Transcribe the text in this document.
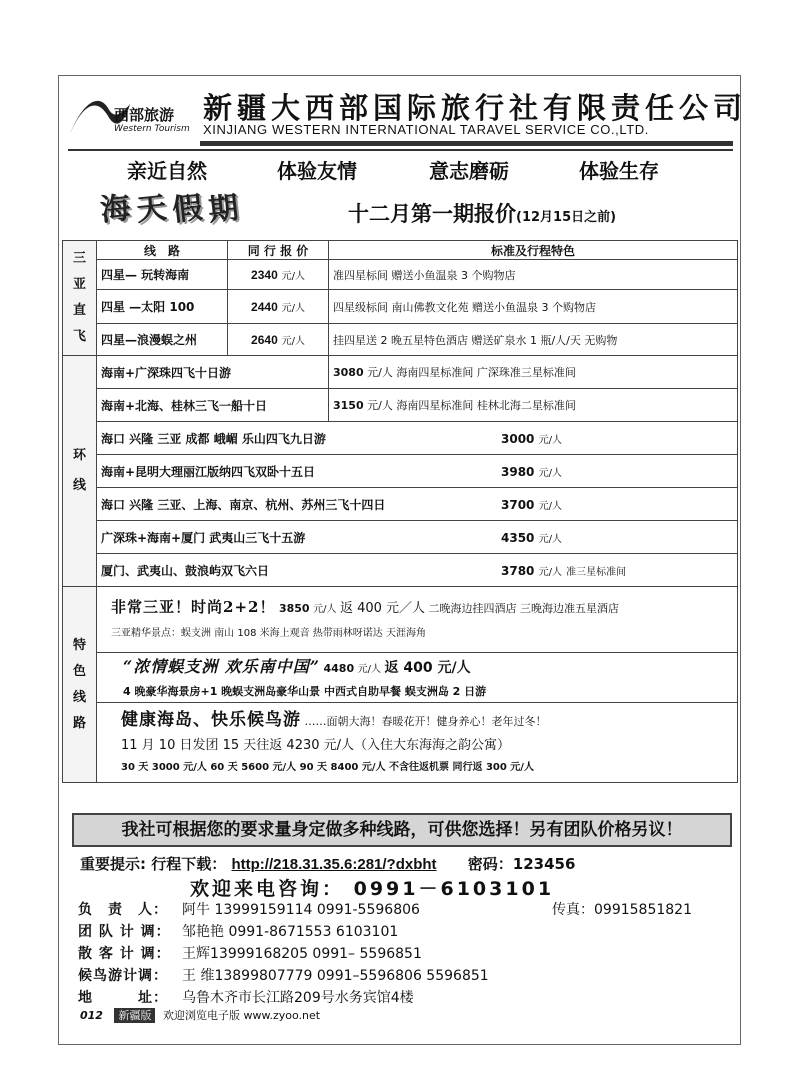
西部旅游
Western Tourism
新疆大西部国际旅行社有限责任公司
XINJIANG WESTERN INTERNATIONAL TARAVEL SERVICE CO.,LTD.
亲近自然	体验友情	意志磨砺	体验生存
海天假期	十二月第一期报价(12月15日之前)
三亚直飞	线　路	同 行 报 价	标准及行程特色
	四星— 玩转海南	2340 元/人	准四星标间 赠送小鱼温泉 3 个购物店
	四星 —太阳 100	2440 元/人	四星级标间 南山佛教文化苑 赠送小鱼温泉 3 个购物店
	四星—浪漫蜈之州	2640 元/人	挂四星送 2 晚五星特色酒店 赠送矿泉水 1 瓶/人/天 无购物

环线	海南+广深珠四飞十日游		3080 元/人 海南四星标准间 广深珠准三星标准间
	海南+北海、桂林三飞一船十日		3150 元/人 海南四星标准间 桂林北海二星标准间
	海口 兴隆 三亚 成都 峨嵋 乐山四飞九日游 3000 元/人		
	海南+昆明大理丽江版纳四飞双卧十五日 3980 元/人		
	海口 兴隆 三亚、上海、南京、杭州、苏州三飞十四日 3700 元/人		
	广深珠+海南+厦门 武夷山三飞十五游 4350 元/人		
	厦门、武夷山、鼓浪屿双飞六日 3780 元/人 准三星标准间		

特色线路	非常三亚！时尚2+2！ 3850 元/人 返 400 元／人 二晚海边挂四酒店 三晚海边准五星酒店
三亚精华景点：蜈支洲 南山 108 米海上观音 热带雨林呀诺达 天涯海角		

	“浓情蜈支洲 欢乐南中国” 4480 元/人 返 400 元/人
4 晚豪华海景房+1 晚蜈支洲岛豪华山景 中西式自助早餐 蜈支洲岛 2 日游		

	健康海岛、快乐候鸟游 ……面朝大海！春暖花开！健身养心！老年过冬！
11 月 10 日发团 15 天往返 4230 元/人（入住大东海海之韵公寓）
30 天 3000 元/人 60 天 5600 元/人 90 天 8400 元/人 不含往返机票 同行返 300 元/人		
我社可根据您的要求量身定做多种线路，可供您选择！另有团队价格另议！
重要提示: 行程下载： http://218.31.35.6:281/?dxbht 密码：123456
欢迎来电咨询： 0991－6103101
负　责　人： 阿牛 13999159114 0991-5596806	传真：09915851821
团 队 计 调： 邹艳艳 0991-8671553 6103101
散 客 计 调： 王辉13999168205 0991– 5596851
候鸟游计调： 王 维13899807779 0991–5596806 5596851
地　　　址： 乌鲁木齐市长江路209号水务宾馆4楼
012 新疆版 欢迎浏览电子版 www.zyoo.net
